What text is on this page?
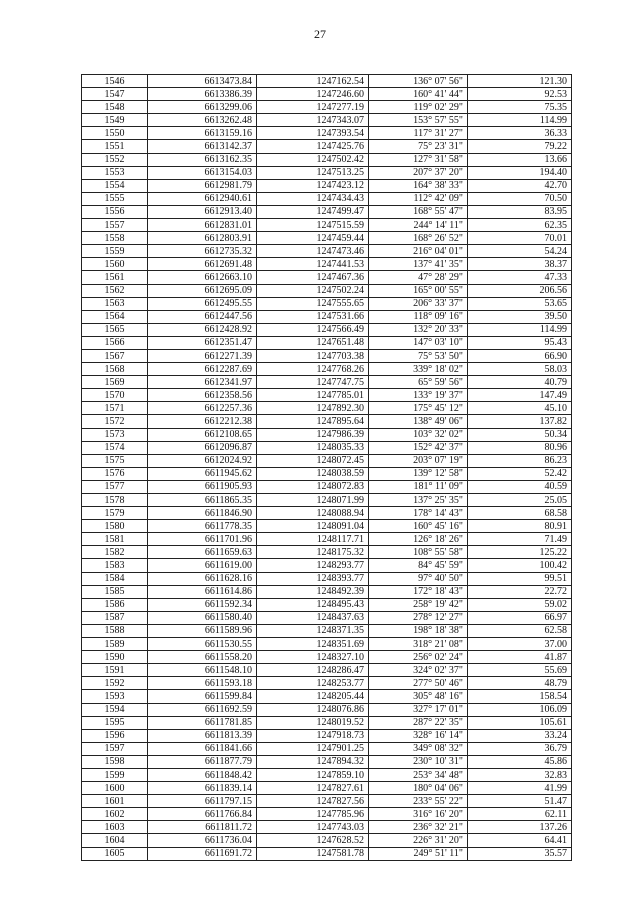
27
1546	6613473.84	1247162.54	136° 07' 56"	121.30
1547	6613386.39	1247246.60	160° 41' 44"	92.53
1548	6613299.06	1247277.19	119° 02' 29"	75.35
1549	6613262.48	1247343.07	153° 57' 55"	114.99
1550	6613159.16	1247393.54	117° 31' 27"	36.33
1551	6613142.37	1247425.76	75° 23' 31"	79.22
1552	6613162.35	1247502.42	127° 31' 58"	13.66
1553	6613154.03	1247513.25	207° 37' 20"	194.40
1554	6612981.79	1247423.12	164° 38' 33"	42.70
1555	6612940.61	1247434.43	112° 42' 09"	70.50
1556	6612913.40	1247499.47	168° 55' 47"	83.95
1557	6612831.01	1247515.59	244° 14' 11"	62.35
1558	6612803.91	1247459.44	168° 26' 52"	70.01
1559	6612735.32	1247473.46	216° 04' 01"	54.24
1560	6612691.48	1247441.53	137° 41' 35"	38.37
1561	6612663.10	1247467.36	47° 28' 29"	47.33
1562	6612695.09	1247502.24	165° 00' 55"	206.56
1563	6612495.55	1247555.65	206° 33' 37"	53.65
1564	6612447.56	1247531.66	118° 09' 16"	39.50
1565	6612428.92	1247566.49	132° 20' 33"	114.99
1566	6612351.47	1247651.48	147° 03' 10"	95.43
1567	6612271.39	1247703.38	75° 53' 50"	66.90
1568	6612287.69	1247768.26	339° 18' 02"	58.03
1569	6612341.97	1247747.75	65° 59' 56"	40.79
1570	6612358.56	1247785.01	133° 19' 37"	147.49
1571	6612257.36	1247892.30	175° 45' 12"	45.10
1572	6612212.38	1247895.64	138° 49' 06"	137.82
1573	6612108.65	1247986.39	103° 32' 02"	50.34
1574	6612096.87	1248035.33	152° 42' 37"	80.96
1575	6612024.92	1248072.45	203° 07' 19"	86.23
1576	6611945.62	1248038.59	139° 12' 58"	52.42
1577	6611905.93	1248072.83	181° 11' 09"	40.59
1578	6611865.35	1248071.99	137° 25' 35"	25.05
1579	6611846.90	1248088.94	178° 14' 43"	68.58
1580	6611778.35	1248091.04	160° 45' 16"	80.91
1581	6611701.96	1248117.71	126° 18' 26"	71.49
1582	6611659.63	1248175.32	108° 55' 58"	125.22
1583	6611619.00	1248293.77	84° 45' 59"	100.42
1584	6611628.16	1248393.77	97° 40' 50"	99.51
1585	6611614.86	1248492.39	172° 18' 43"	22.72
1586	6611592.34	1248495.43	258° 19' 42"	59.02
1587	6611580.40	1248437.63	278° 12' 27"	66.97
1588	6611589.96	1248371.35	198° 18' 38"	62.58
1589	6611530.55	1248351.69	318° 21' 08"	37.00
1590	6611558.20	1248327.10	256° 02' 24"	41.87
1591	6611548.10	1248286.47	324° 02' 37"	55.69
1592	6611593.18	1248253.77	277° 50' 46"	48.79
1593	6611599.84	1248205.44	305° 48' 16"	158.54
1594	6611692.59	1248076.86	327° 17' 01"	106.09
1595	6611781.85	1248019.52	287° 22' 35"	105.61
1596	6611813.39	1247918.73	328° 16' 14"	33.24
1597	6611841.66	1247901.25	349° 08' 32"	36.79
1598	6611877.79	1247894.32	230° 10' 31"	45.86
1599	6611848.42	1247859.10	253° 34' 48"	32.83
1600	6611839.14	1247827.61	180° 04' 06"	41.99
1601	6611797.15	1247827.56	233° 55' 22"	51.47
1602	6611766.84	1247785.96	316° 16' 20"	62.11
1603	6611811.72	1247743.03	236° 32' 21"	137.26
1604	6611736.04	1247628.52	226° 31' 20"	64.41
1605	6611691.72	1247581.78	249° 51' 11"	35.57
